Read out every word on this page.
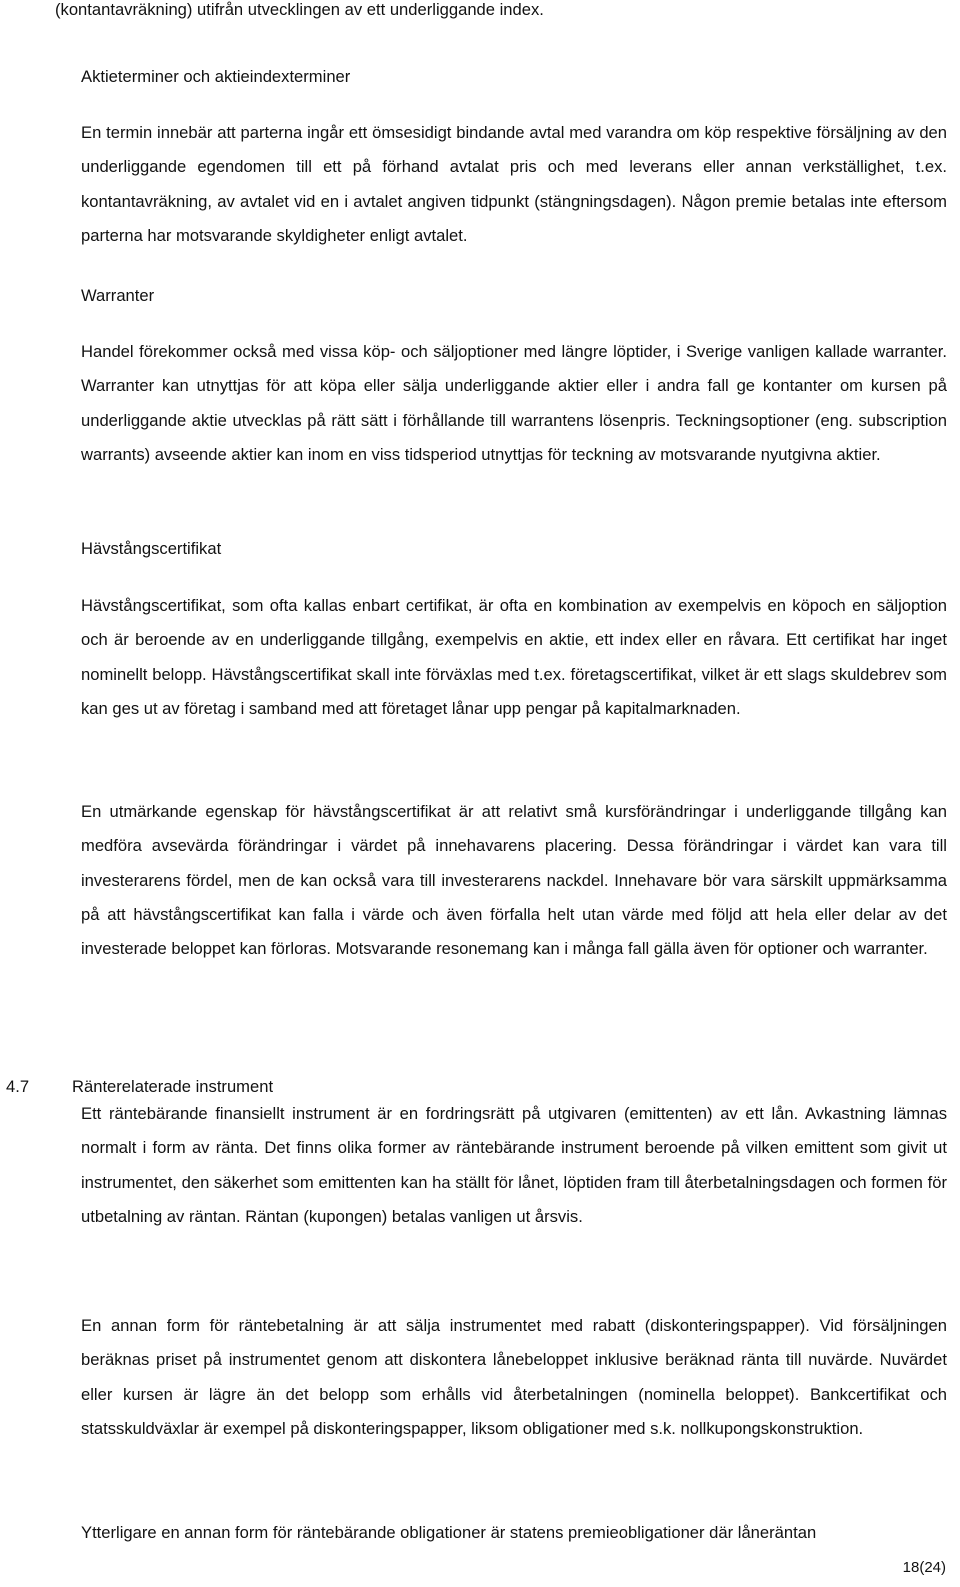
(kontantavräkning) utifrån utvecklingen av ett underliggande index.
Aktieterminer och aktieindexterminer
En termin innebär att parterna ingår ett ömsesidigt bindande avtal med varandra om köp respektive försäljning av den underliggande egendomen till ett på förhand avtalat pris och med leverans eller annan verkställighet, t.ex. kontantavräkning, av avtalet vid en i avtalet angiven tidpunkt (stängningsdagen). Någon premie betalas inte eftersom parterna har motsvarande skyldigheter enligt avtalet.
Warranter
Handel förekommer också med vissa köp- och säljoptioner med längre löptider, i Sverige vanligen kallade warranter. Warranter kan utnyttjas för att köpa eller sälja underliggande aktier eller i andra fall ge kontanter om kursen på underliggande aktie utvecklas på rätt sätt i förhållande till warrantens lösenpris. Teckningsoptioner (eng. subscription warrants) avseende aktier kan inom en viss tidsperiod utnyttjas för teckning av motsvarande nyutgivna aktier.
Hävstångscertifikat
Hävstångscertifikat, som ofta kallas enbart certifikat, är ofta en kombination av exempelvis en köpoch en säljoption och är beroende av en underliggande tillgång, exempelvis en aktie, ett index eller en råvara. Ett certifikat har inget nominellt belopp. Hävstångscertifikat skall inte förväxlas med t.ex. företagscertifikat, vilket är ett slags skuldebrev som kan ges ut av företag i samband med att företaget lånar upp pengar på kapitalmarknaden.
En utmärkande egenskap för hävstångscertifikat är att relativt små kursförändringar i underliggande tillgång kan medföra avsevärda förändringar i värdet på innehavarens placering. Dessa förändringar i värdet kan vara till investerarens fördel, men de kan också vara till investerarens nackdel. Innehavare bör vara särskilt uppmärksamma på att hävstångscertifikat kan falla i värde och även förfalla helt utan värde med följd att hela eller delar av det investerade beloppet kan förloras. Motsvarande resonemang kan i många fall gälla även för optioner och warranter.
4.7	Ränterelaterade instrument
Ett räntebärande finansiellt instrument är en fordringsrätt på utgivaren (emittenten) av ett lån. Avkastning lämnas normalt i form av ränta. Det finns olika former av räntebärande instrument beroende på vilken emittent som givit ut instrumentet, den säkerhet som emittenten kan ha ställt för lånet, löptiden fram till återbetalningsdagen och formen för utbetalning av räntan. Räntan (kupongen) betalas vanligen ut årsvis.
En annan form för räntebetalning är att sälja instrumentet med rabatt (diskonteringspapper). Vid försäljningen beräknas priset på instrumentet genom att diskontera lånebeloppet inklusive beräknad ränta till nuvärde. Nuvärdet eller kursen är lägre än det belopp som erhålls vid återbetalningen (nominella beloppet). Bankcertifikat och statsskuldväxlar är exempel på diskonteringspapper, liksom obligationer med s.k. nollkupongskonstruktion.
Ytterligare en annan form för räntebärande obligationer är statens premieobligationer där låneräntan
18(24)
